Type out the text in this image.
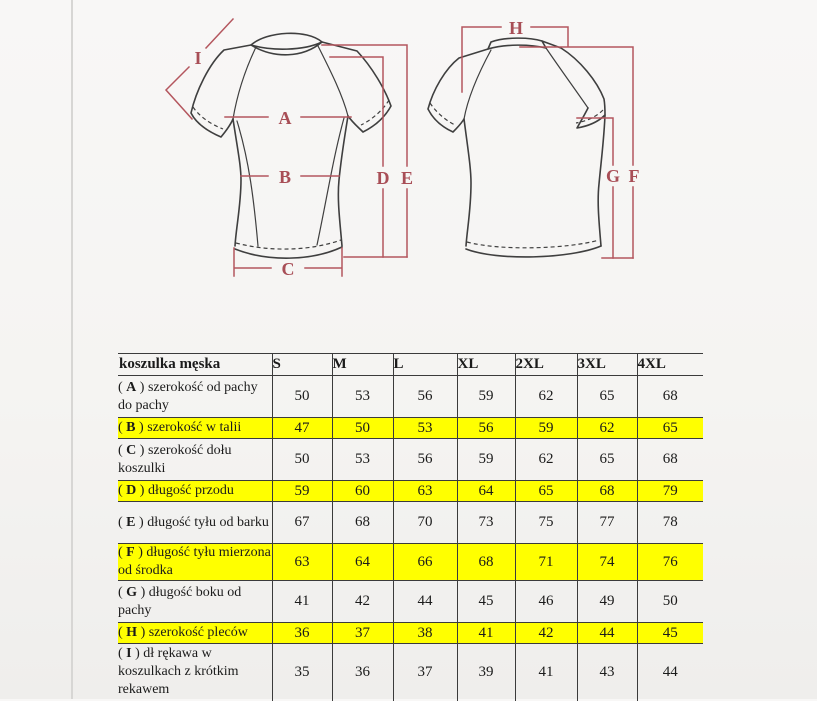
I
A
B
C
D E
H
G F
koszulka męska	S	M	L	XL	2XL	3XL	4XL
( A ) szerokość od pachy do pachy	50	53	56	59	62	65	68
( B ) szerokość w talii	47	50	53	56	59	62	65
( C ) szerokość dołu koszulki	50	53	56	59	62	65	68
( D ) długość przodu	59	60	63	64	65	68	79
( E ) długość tyłu od barku	67	68	70	73	75	77	78
( F ) długość tyłu mierzona od środka	63	64	66	68	71	74	76
( G ) długość boku od pachy	41	42	44	45	46	49	50
( H ) szerokość pleców	36	37	38	41	42	44	45
( I ) dł rękawa w koszulkach z krótkim rekawem	35	36	37	39	41	43	44
